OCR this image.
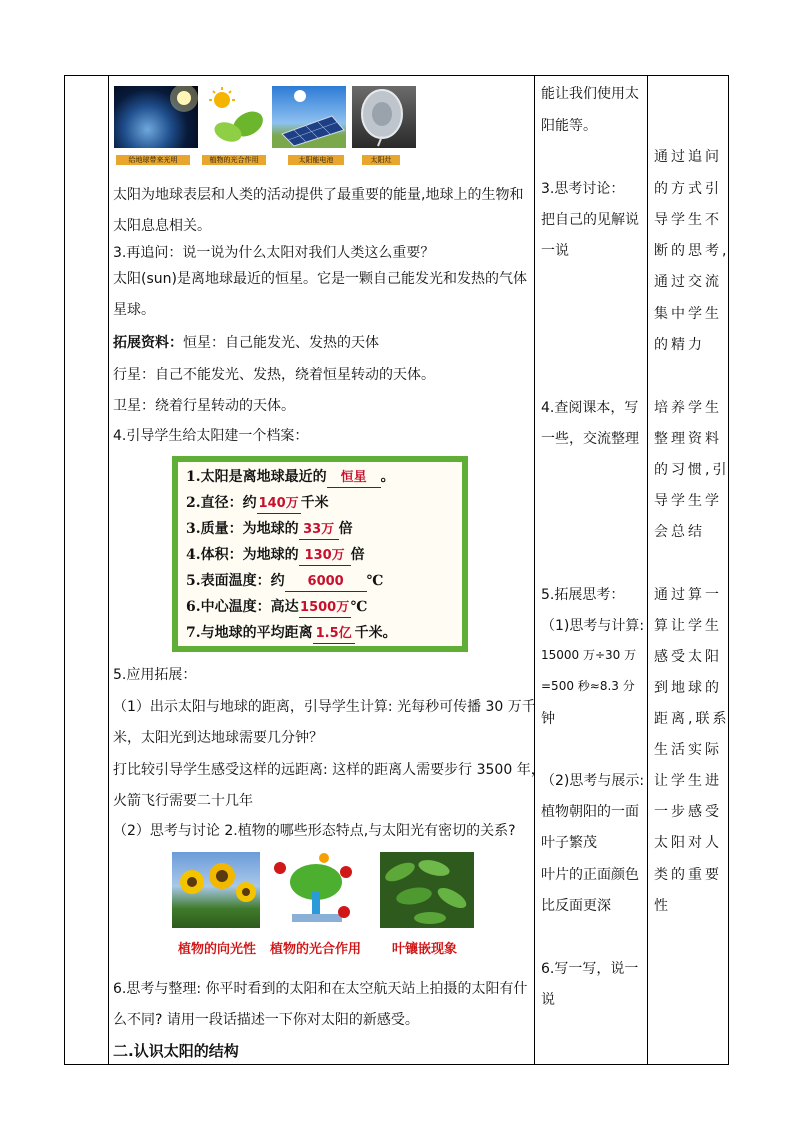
给地球带来光明	植物的光合作用	太阳能电池	太阳灶
太阳为地球表层和人类的活动提供了最重要的能量,地球上的生物和
太阳息息相关。
3.再追问：说一说为什么太阳对我们人类这么重要？
太阳(sun)是离地球最近的恒星。它是一颗自己能发光和发热的气体
星球。
拓展资料：恒星：自己能发光、发热的天体
行星：自己不能发光、发热，绕着恒星转动的天体。
卫星：绕着行星转动的天体。
4.引导学生给太阳建一个档案：
1.太阳是离地球最近的 恒星 。
2.直径：约 140万 千米
3.质量：为地球的 33万 倍
4.体积：为地球的 130万 倍
5.表面温度：约 6000 ℃
6.中心温度：高达1500万℃
7.与地球的平均距离 1.5亿 千米。
5.应用拓展：
（1）出示太阳与地球的距离，引导学生计算: 光每秒可传播 30 万千
米，太阳光到达地球需要几分钟？
打比较引导学生感受这样的远距离: 这样的距离人需要步行 3500 年，
火箭飞行需要二十几年
（2）思考与讨论 2.植物的哪些形态特点,与太阳光有密切的关系?
植物的向光性 植物的光合作用 叶镶嵌现象
6.思考与整理: 你平时看到的太阳和在太空航天站上拍摄的太阳有什
么不同? 请用一段话描述一下你对太阳的新感受。
二.认识太阳的结构
能让我们使用太
阳能等。
3.思考讨论：
把自己的见解说
一说
4.查阅课本，写
一些，交流整理
5.拓展思考：
（1)思考与计算:
15000 万÷30 万
=500 秒≈8.3 分
钟
（2)思考与展示:
植物朝阳的一面
叶子繁茂
叶片的正面颜色
比反面更深
6.写一写，说一
说
通过追问
的方式引
导学生不
断的思考,
通过交流
集中学生
的精力
培养学生
整理资料
的习惯,引
导学生学
会总结
通过算一
算让学生
感受太阳
到地球的
距离,联系
生活实际
让学生进
一步感受
太阳对人
类的重要
性
